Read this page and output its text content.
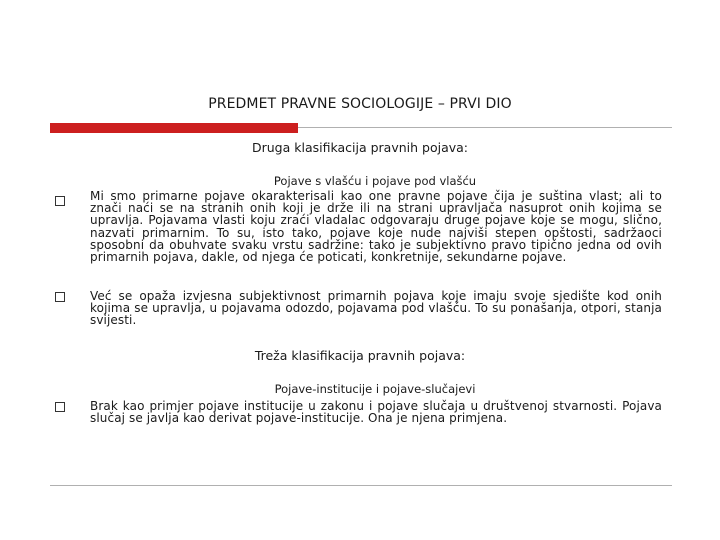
PREDMET PRAVNE SOCIOLOGIJE – PRVI DIO
Druga klasifikacija pravnih pojava:
Pojave s vlašću i pojave pod vlašću
Mi smo primarne pojave okarakterisali kao one pravne pojave čija je suština vlast; ali to znači naći se na stranih onih koji je drže ili na strani upravljača nasuprot onih kojima se upravlja. Pojavama vlasti koju zraći vladalac odgovaraju druge pojave koje se mogu, slično, nazvati primarnim. To su, isto tako, pojave koje nude najviši stepen opštosti, sadržaoci sposobni da obuhvate svaku vrstu sadržine: tako je subjektivno pravo tipično jedna od ovih primarnih pojava, dakle, od njega će poticati, konkretnije, sekundarne pojave.
Već se opaža izvjesna subjektivnost primarnih pojava koje imaju svoje sjedište kod onih kojima se upravlja, u pojavama odozdo, pojavama pod vlašću. To su ponašanja, otpori, stanja svijesti.
Treža klasifikacija pravnih pojava:
Pojave-institucije i pojave-slučajevi
Brak kao primjer pojave institucije u zakonu i pojave slučaja u društvenoj stvarnosti. Pojava slučaj se javlja kao derivat pojave-institucije. Ona je njena primjena.
